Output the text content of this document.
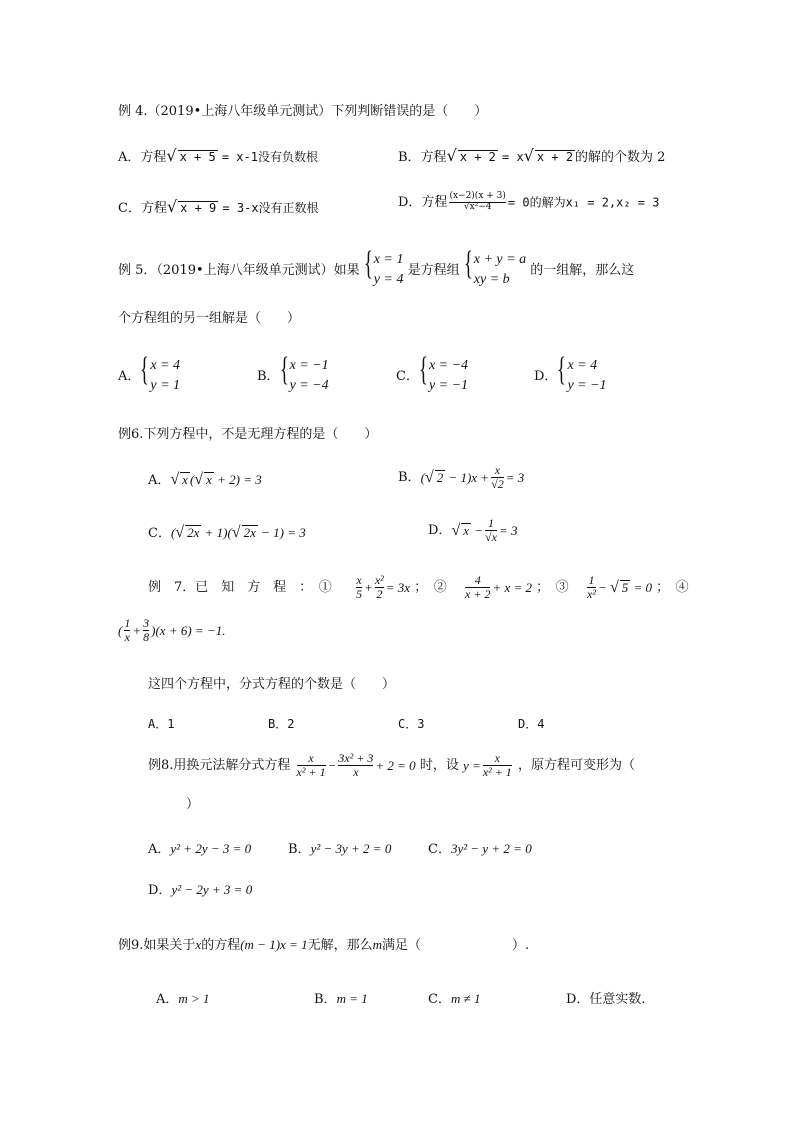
例 4.（2019•上海八年级单元测试）下列判断错误的是（　　）
A．方程√ x + 5 = x-1没有负数根	B．方程√ x + 2 = x√ x + 2 的解的个数为 2
C．方程√ x + 9 = 3-x没有正数根	D．方程 $\frac{(x-2)(x + 3)}{\text{√x²−4}} = 0$的解为x₁ = 2,x₂ = 3
例 5．（2019•上海八年级单元测试）如果 { x = 1
y = 4
是方程组 { x + y = a
xy = b
的一组解，那么这
个方程组的另一组解是（　　）
A． { x = 4
y = 1
B． { x = −1
y = −4
C． { x = −4
y = −1
D． { x = 4
y = −1
例6.下列方程中，不是无理方程的是（　　）
A．√ x (√ x + 2) = 3	B．(√ $2 - 1)x + \frac{x}{√2} = 3$
C．(√ 2x + 1)(√ 2x − 1) = 3	D．√ $x - \frac{1}{√x} = 3$
例　7．已　知　方　程　：　① $\frac{x}{5} + \frac{\text{x²}}{2} = 3x$ ；　② $\frac{4}{x + 2} + x = 2$ ；　③ $\frac{1}{\text{x²}}$ − √ 5 = 0 ；　④
( $\frac{1}{x} + \frac{3}{8} )(x + 6) = -1$.
这四个方程中，分式方程的个数是（　　）
A．1	B．2	C．3	D．4
例8.用换元法解分式方程 $\frac{x}{\text{x² + 1}} - \frac{\text{3x² + 3}}{x} + 2 = 0$ 时，设 $y = \frac{x}{\text{x² + 1}}$ ，原方程可变形为（
）
A．y² + 2y − 3 = 0	B．y² − 3y + 2 = 0	C．3y² − y + 2 = 0
D．y² − 2y + 3 = 0
例9.如果关于x的方程(m − 1)x = 1无解，那么m满足（　　　　　　　）.
A．m > 1	B．m = 1	C．m ≠ 1	D．任意实数.
